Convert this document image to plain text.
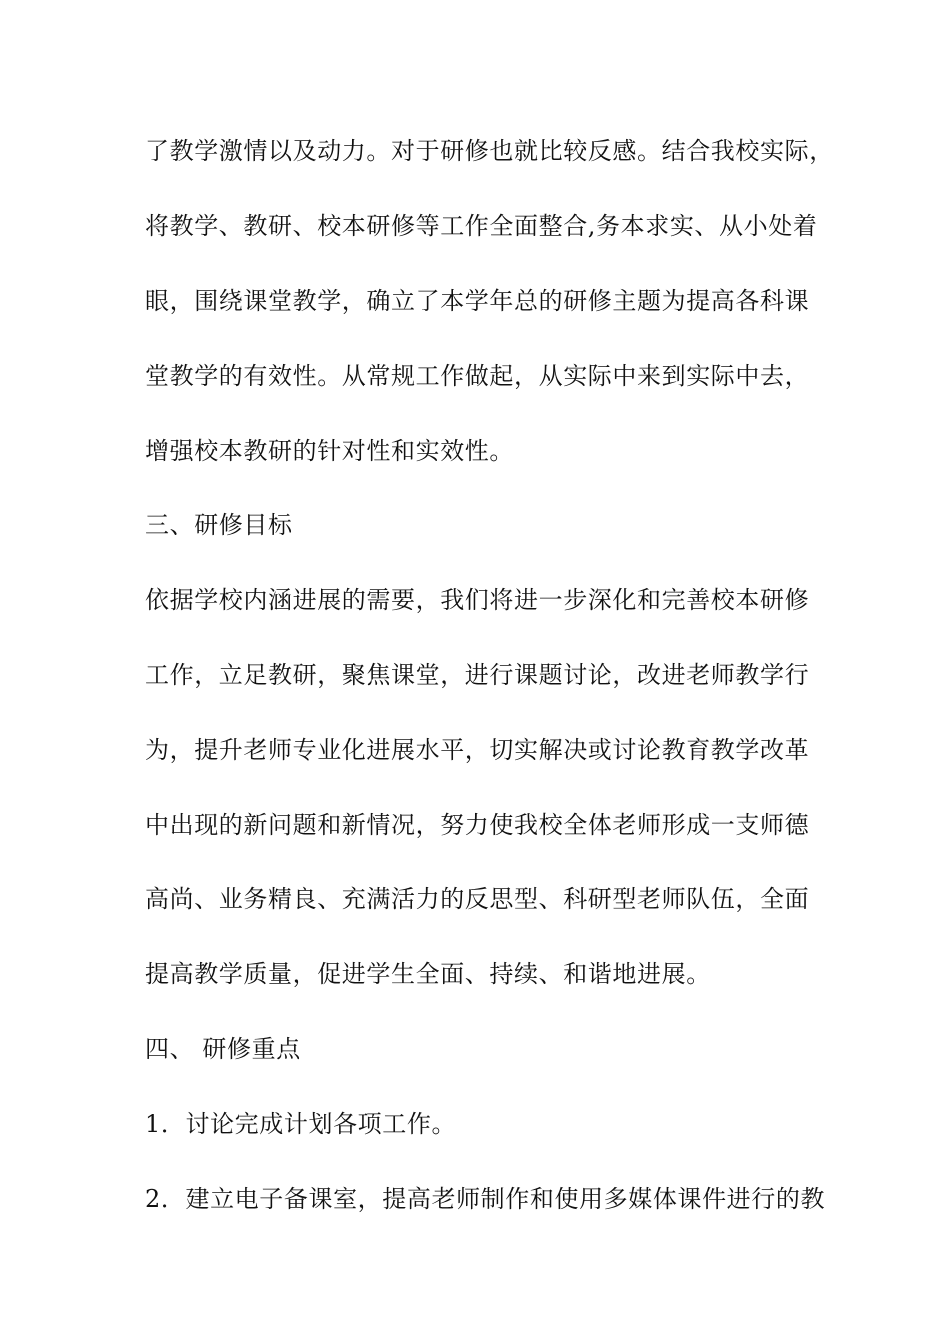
了教学激情以及动力。对于研修也就比较反感。结合我校实际，
将教学、教研、校本研修等工作全面整合,务本求实、从小处着
眼，围绕课堂教学，确立了本学年总的研修主题为提高各科课
堂教学的有效性。从常规工作做起，从实际中来到实际中去，
增强校本教研的针对性和实效性。
三、研修目标
依据学校内涵进展的需要，我们将进一步深化和完善校本研修
工作，立足教研，聚焦课堂，进行课题讨论，改进老师教学行
为，提升老师专业化进展水平，切实解决或讨论教育教学改革
中出现的新问题和新情况，努力使我校全体老师形成一支师德
高尚、业务精良、充满活力的反思型、科研型老师队伍，全面
提高教学质量，促进学生全面、持续、和谐地进展。
四、 研修重点
1．讨论完成计划各项工作。
2．建立电子备课室，提高老师制作和使用多媒体课件进行的教
